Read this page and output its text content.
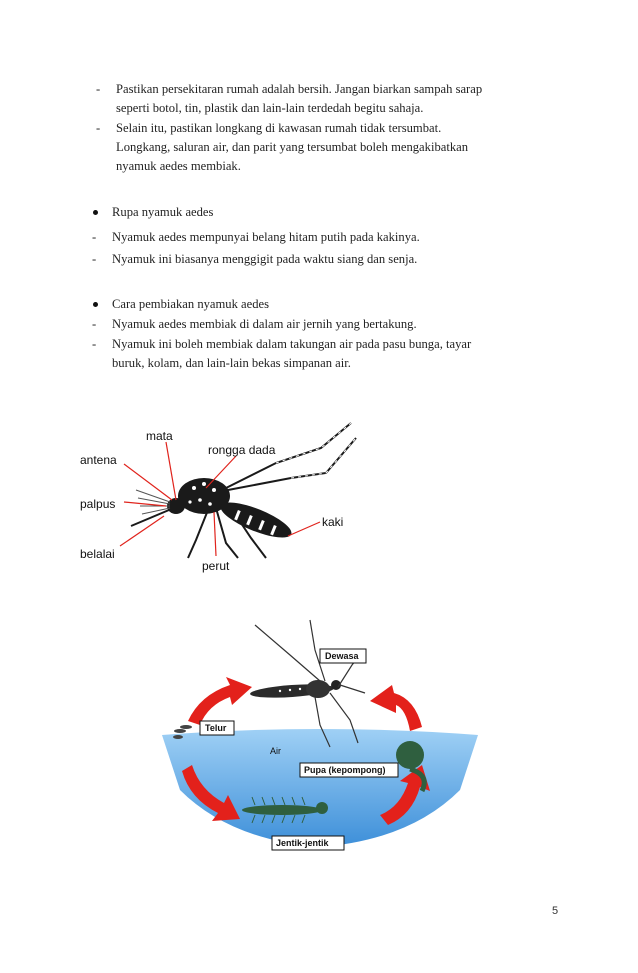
- Pastikan persekitaran rumah adalah bersih. Jangan biarkan sampah sarap
seperti botol, tin, plastik dan lain-lain terdedah begitu sahaja.
- Selain itu, pastikan longkang di kawasan rumah tidak tersumbat.
Longkang, saluran air, dan parit yang tersumbat boleh mengakibatkan
nyamuk aedes membiak.
Rupa nyamuk aedes
- Nyamuk aedes mempunyai belang hitam putih pada kakinya.
- Nyamuk ini biasanya menggigit pada waktu siang dan senja.
Cara pembiakan nyamuk aedes
- Nyamuk aedes membiak di dalam air jernih yang bertakung.
- Nyamuk ini boleh membiak dalam takungan air pada pasu bunga, tayar
buruk, kolam, dan lain-lain bekas simpanan air.
mata
rongga dada
antena
palpus
belalai
perut
kaki
Dewasa
Telur
Air
Pupa (kepompong)
Jentik-jentik
5
